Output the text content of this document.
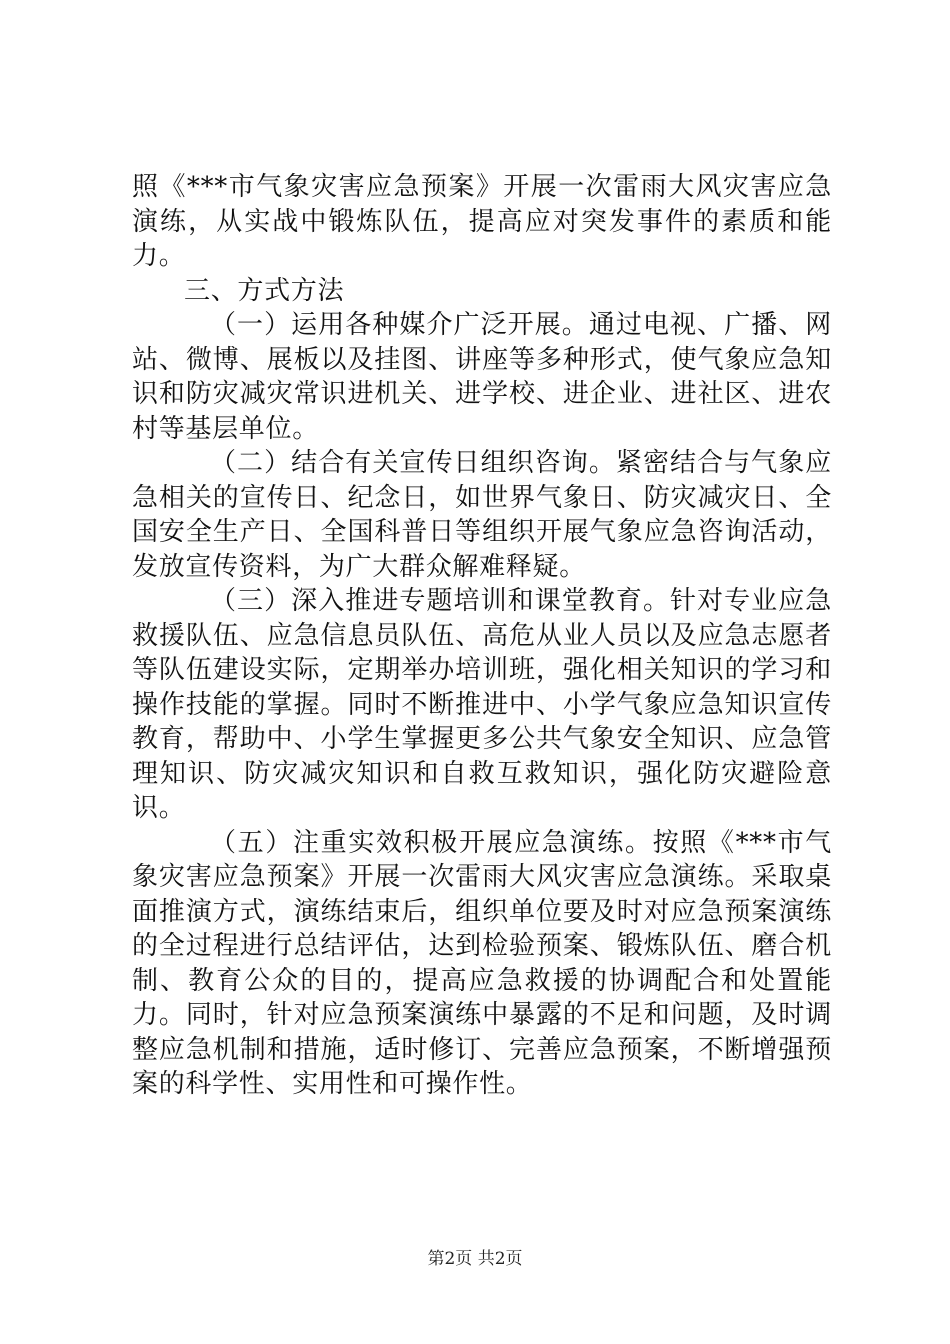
照《***市气象灾害应急预案》开展一次雷雨大风灾害应急演练，从实战中锻炼队伍，提高应对突发事件的素质和能力。

三、方式方法

（一）运用各种媒介广泛开展。通过电视、广播、网站、微博、展板以及挂图、讲座等多种形式，使气象应急知识和防灾减灾常识进机关、进学校、进企业、进社区、进农村等基层单位。

（二）结合有关宣传日组织咨询。紧密结合与气象应急相关的宣传日、纪念日，如世界气象日、防灾减灾日、全国安全生产日、全国科普日等组织开展气象应急咨询活动，发放宣传资料，为广大群众解难释疑。

（三）深入推进专题培训和课堂教育。针对专业应急救援队伍、应急信息员队伍、高危从业人员以及应急志愿者等队伍建设实际，定期举办培训班，强化相关知识的学习和操作技能的掌握。同时不断推进中、小学气象应急知识宣传教育，帮助中、小学生掌握更多公共气象安全知识、应急管理知识、防灾减灾知识和自救互救知识，强化防灾避险意识。

（五）注重实效积极开展应急演练。按照《***市气象灾害应急预案》开展一次雷雨大风灾害应急演练。采取桌面推演方式，演练结束后，组织单位要及时对应急预案演练的全过程进行总结评估，达到检验预案、锻炼队伍、磨合机制、教育公众的目的，提高应急救援的协调配合和处置能力。同时，针对应急预案演练中暴露的不足和问题，及时调整应急机制和措施，适时修订、完善应急预案，不断增强预案的科学性、实用性和可操作性。

第2页 共2页
